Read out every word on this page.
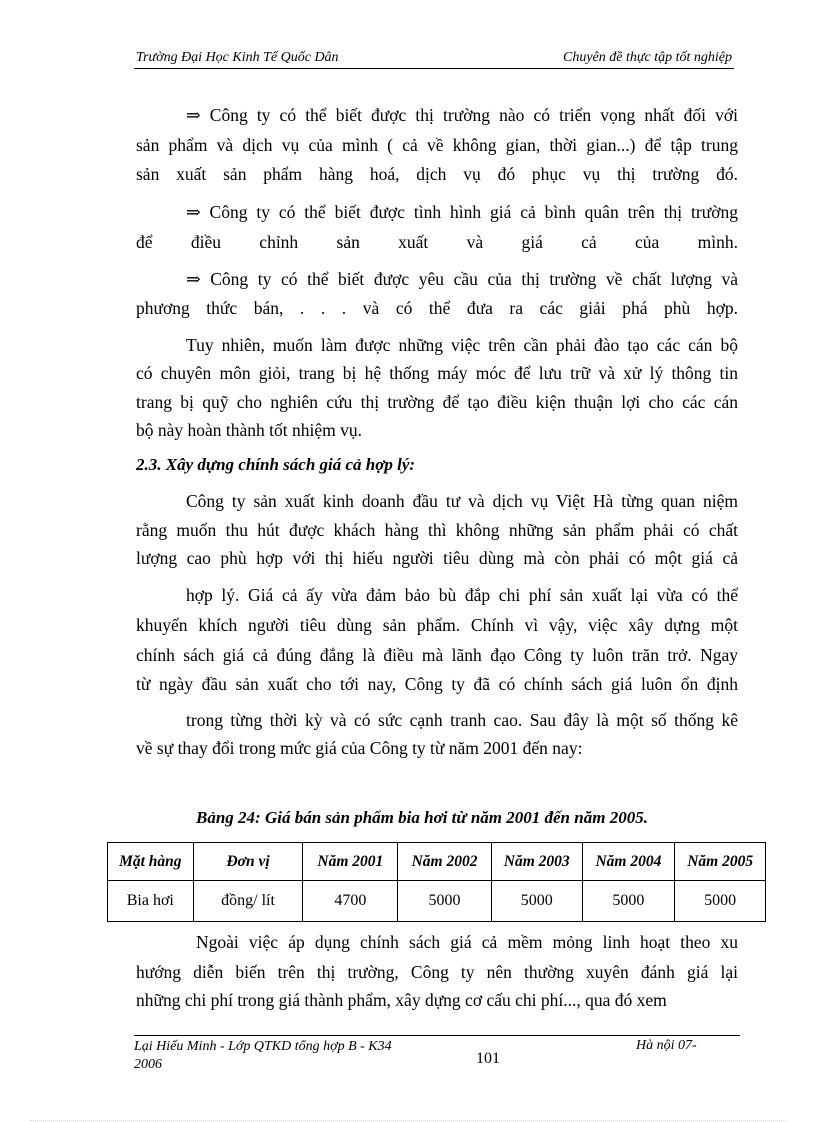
Trường Đại Học Kinh Tế Quốc Dân	Chuyên đề thực tập tốt nghiệp
⇒ Công ty có thể biết được thị trường nào có triển vọng nhất đối với
sản phẩm và dịch vụ của mình ( cả về không gian, thời gian...) để tập trung
sản xuất sản phẩm hàng hoá, dịch vụ đó phục vụ thị trường đó.
⇒ Công ty có thể biết được tình hình giá cả bình quân trên thị trường
để điều chỉnh sản xuất và giá cả của mình.
⇒ Công ty có thể biết được yêu cầu của thị trường về chất lượng và
phương thức bán, . . . và có thể đưa ra các giải phá phù hợp.
Tuy nhiên, muốn làm được những việc trên cần phải đào tạo các cán bộ
có chuyên môn giỏi, trang bị hệ thống máy móc để lưu trữ và xử lý thông tin
trang bị quỹ cho nghiên cứu thị trường để tạo điều kiện thuận lợi cho các cán
bộ này hoàn thành tốt nhiệm vụ.
2.3. Xây dựng chính sách giá cả hợp lý:
Công ty sản xuất kinh doanh đầu tư và dịch vụ Việt Hà từng quan niệm
rằng muốn thu hút được khách hàng thì không những sản phẩm phải có chất
lượng cao phù hợp với thị hiếu người tiêu dùng mà còn phải có một giá cả
hợp lý. Giá cả ấy vừa đảm bảo bù đắp chi phí sản xuất lại vừa có thể
khuyến khích người tiêu dùng sản phẩm. Chính vì vậy, việc xây dựng một
chính sách giá cả đúng đắng là điều mà lãnh đạo Công ty luôn trăn trở. Ngay
từ ngày đầu sản xuất cho tới nay, Công ty đã có chính sách giá luôn ổn định
trong từng thời kỳ và có sức cạnh tranh cao. Sau đây là một số thống kê
về sự thay đổi trong mức giá của Công ty từ năm 2001 đến nay:
Bảng 24: Giá bán sản phẩm bia hơi từ năm 2001 đến năm 2005.
Mặt hàng	Đơn vị	Năm 2001	Năm 2002	Năm 2003	Năm 2004	Năm 2005
Bia hơi	đồng/ lít	4700	5000	5000	5000	5000
Ngoài việc áp dụng chính sách giá cả mềm mỏng linh hoạt theo xu
hướng diễn biến trên thị trường, Công ty nên thường xuyên đánh giá lại
những chi phí trong giá thành phẩm, xây dựng cơ cấu chi phí..., qua đó xem
Lại Hiếu Minh - Lớp QTKD tổng hợp B - K34
2006	101
Hà nội 07-
